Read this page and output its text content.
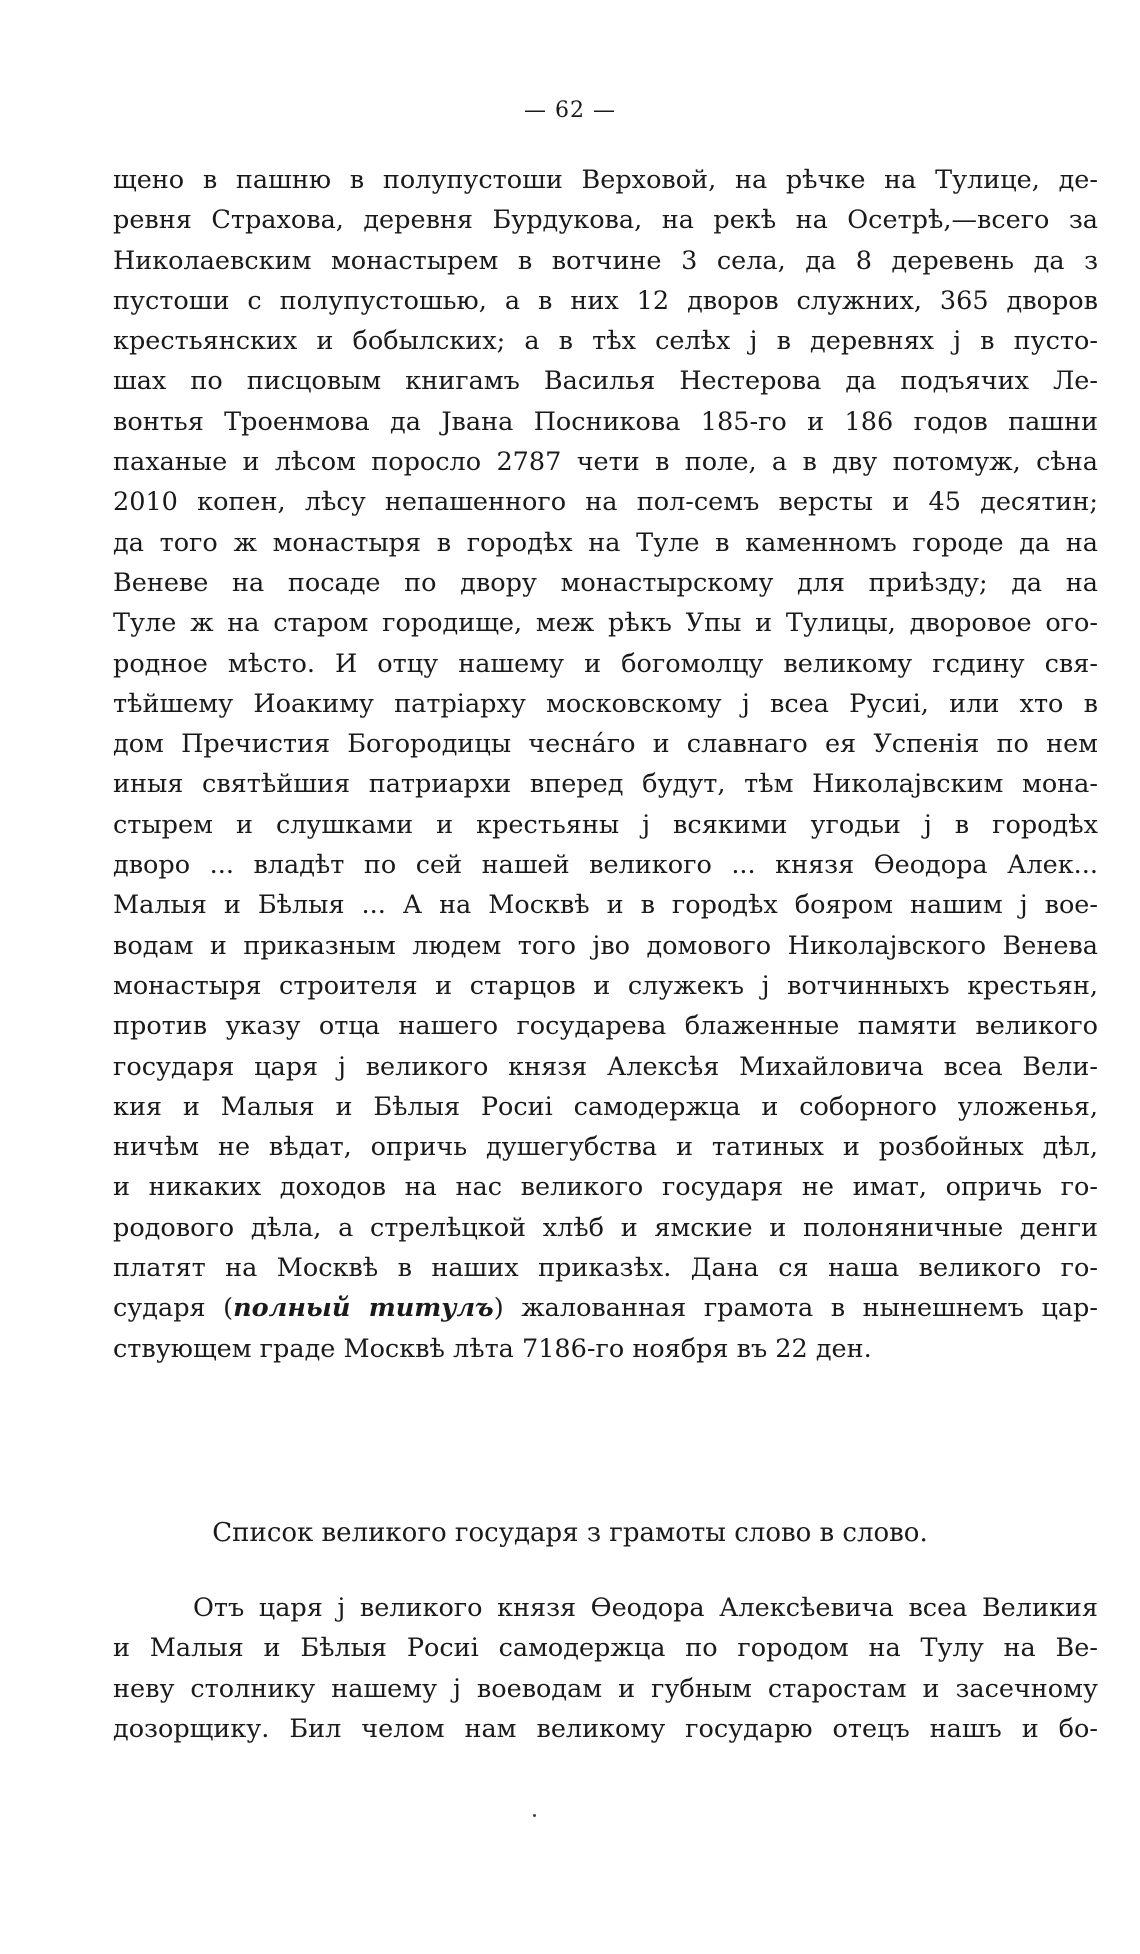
— 62 —
щено в пашню в полупустоши Верховой, на рѣчке на Тулице, де-
ревня Страхова, деревня Бурдукова, на рекѣ на Осетрѣ,—всего за
Николаевским монастырем в вотчине 3 села, да 8 деревень да з
пустоши с полупустошью, а в них 12 дворов служних, 365 дворов
крестьянских и бобылских; а в тѣх селѣх ј в деревнях ј в пусто-
шах по писцовым книгамъ Василья Нестерова да подъячих Ле-
вонтья Троенмова да Јвана Посникова 185-го и 186 годов пашни
паханые и лѣсом поросло 2787 чети в поле, а в дву потомуж, сѣна
2010 копен, лѣсу непашенного на пол-семъ версты и 45 десятин;
да того ж монастыря в городѣх на Туле в каменномъ городе да на
Веневе на посаде по двору монастырскому для приѣзду; да на
Туле ж на старом городище, меж рѣкъ Упы и Тулицы, дворовое ого-
родное мѣсто. И отцу нашему и богомолцу великому гсдину свя-
тѣйшему Иоакиму патріарху московскому ј всеа Русиі, или хто в
дом Пречистия Богородицы чесна́го и славнаго ея Успенія по нем
иныя святѣйшия патриархи вперед будут, тѣм Николајвским мона-
стырем и слушками и крестьяны ј всякими угодьи ј в городѣх
дворо ... владѣт по сей нашей великого ... князя Ѳеодора Алек...
Малыя и Бѣлыя ... А на Москвѣ и в городѣх бояром нашим ј вое-
водам и приказным людем того јво домового Николајвского Венева
монастыря строителя и старцов и служекъ ј вотчинныхъ крестьян,
против указу отца нашего государева блаженные памяти великого
государя царя ј великого князя Алексѣя Михайловича всеа Вели-
кия и Малыя и Бѣлыя Росиі самодержца и соборного уложенья,
ничѣм не вѣдат, опричь душегубства и татиных и розбойных дѣл,
и никаких доходов на нас великого государя не имат, опричь го-
родового дѣла, а стрелѣцкой хлѣб и ямские и полоняничные денги
платят на Москвѣ в наших приказѣх. Дана ся наша великого го-
сударя (полный титулъ) жалованная грамота в нынешнемъ цар-
ствующем граде Москвѣ лѣта 7186-го ноября въ 22 ден.
Список великого государя з грамоты слово в слово.
Отъ царя ј великого князя Ѳеодора Алексѣевича всеа Великия
и Малыя и Бѣлыя Росиі самодержца по городом на Тулу на Ве-
неву столнику нашему ј воеводам и губным старостам и засечному
дозорщику. Бил челом нам великому государю отецъ нашъ и бо-
